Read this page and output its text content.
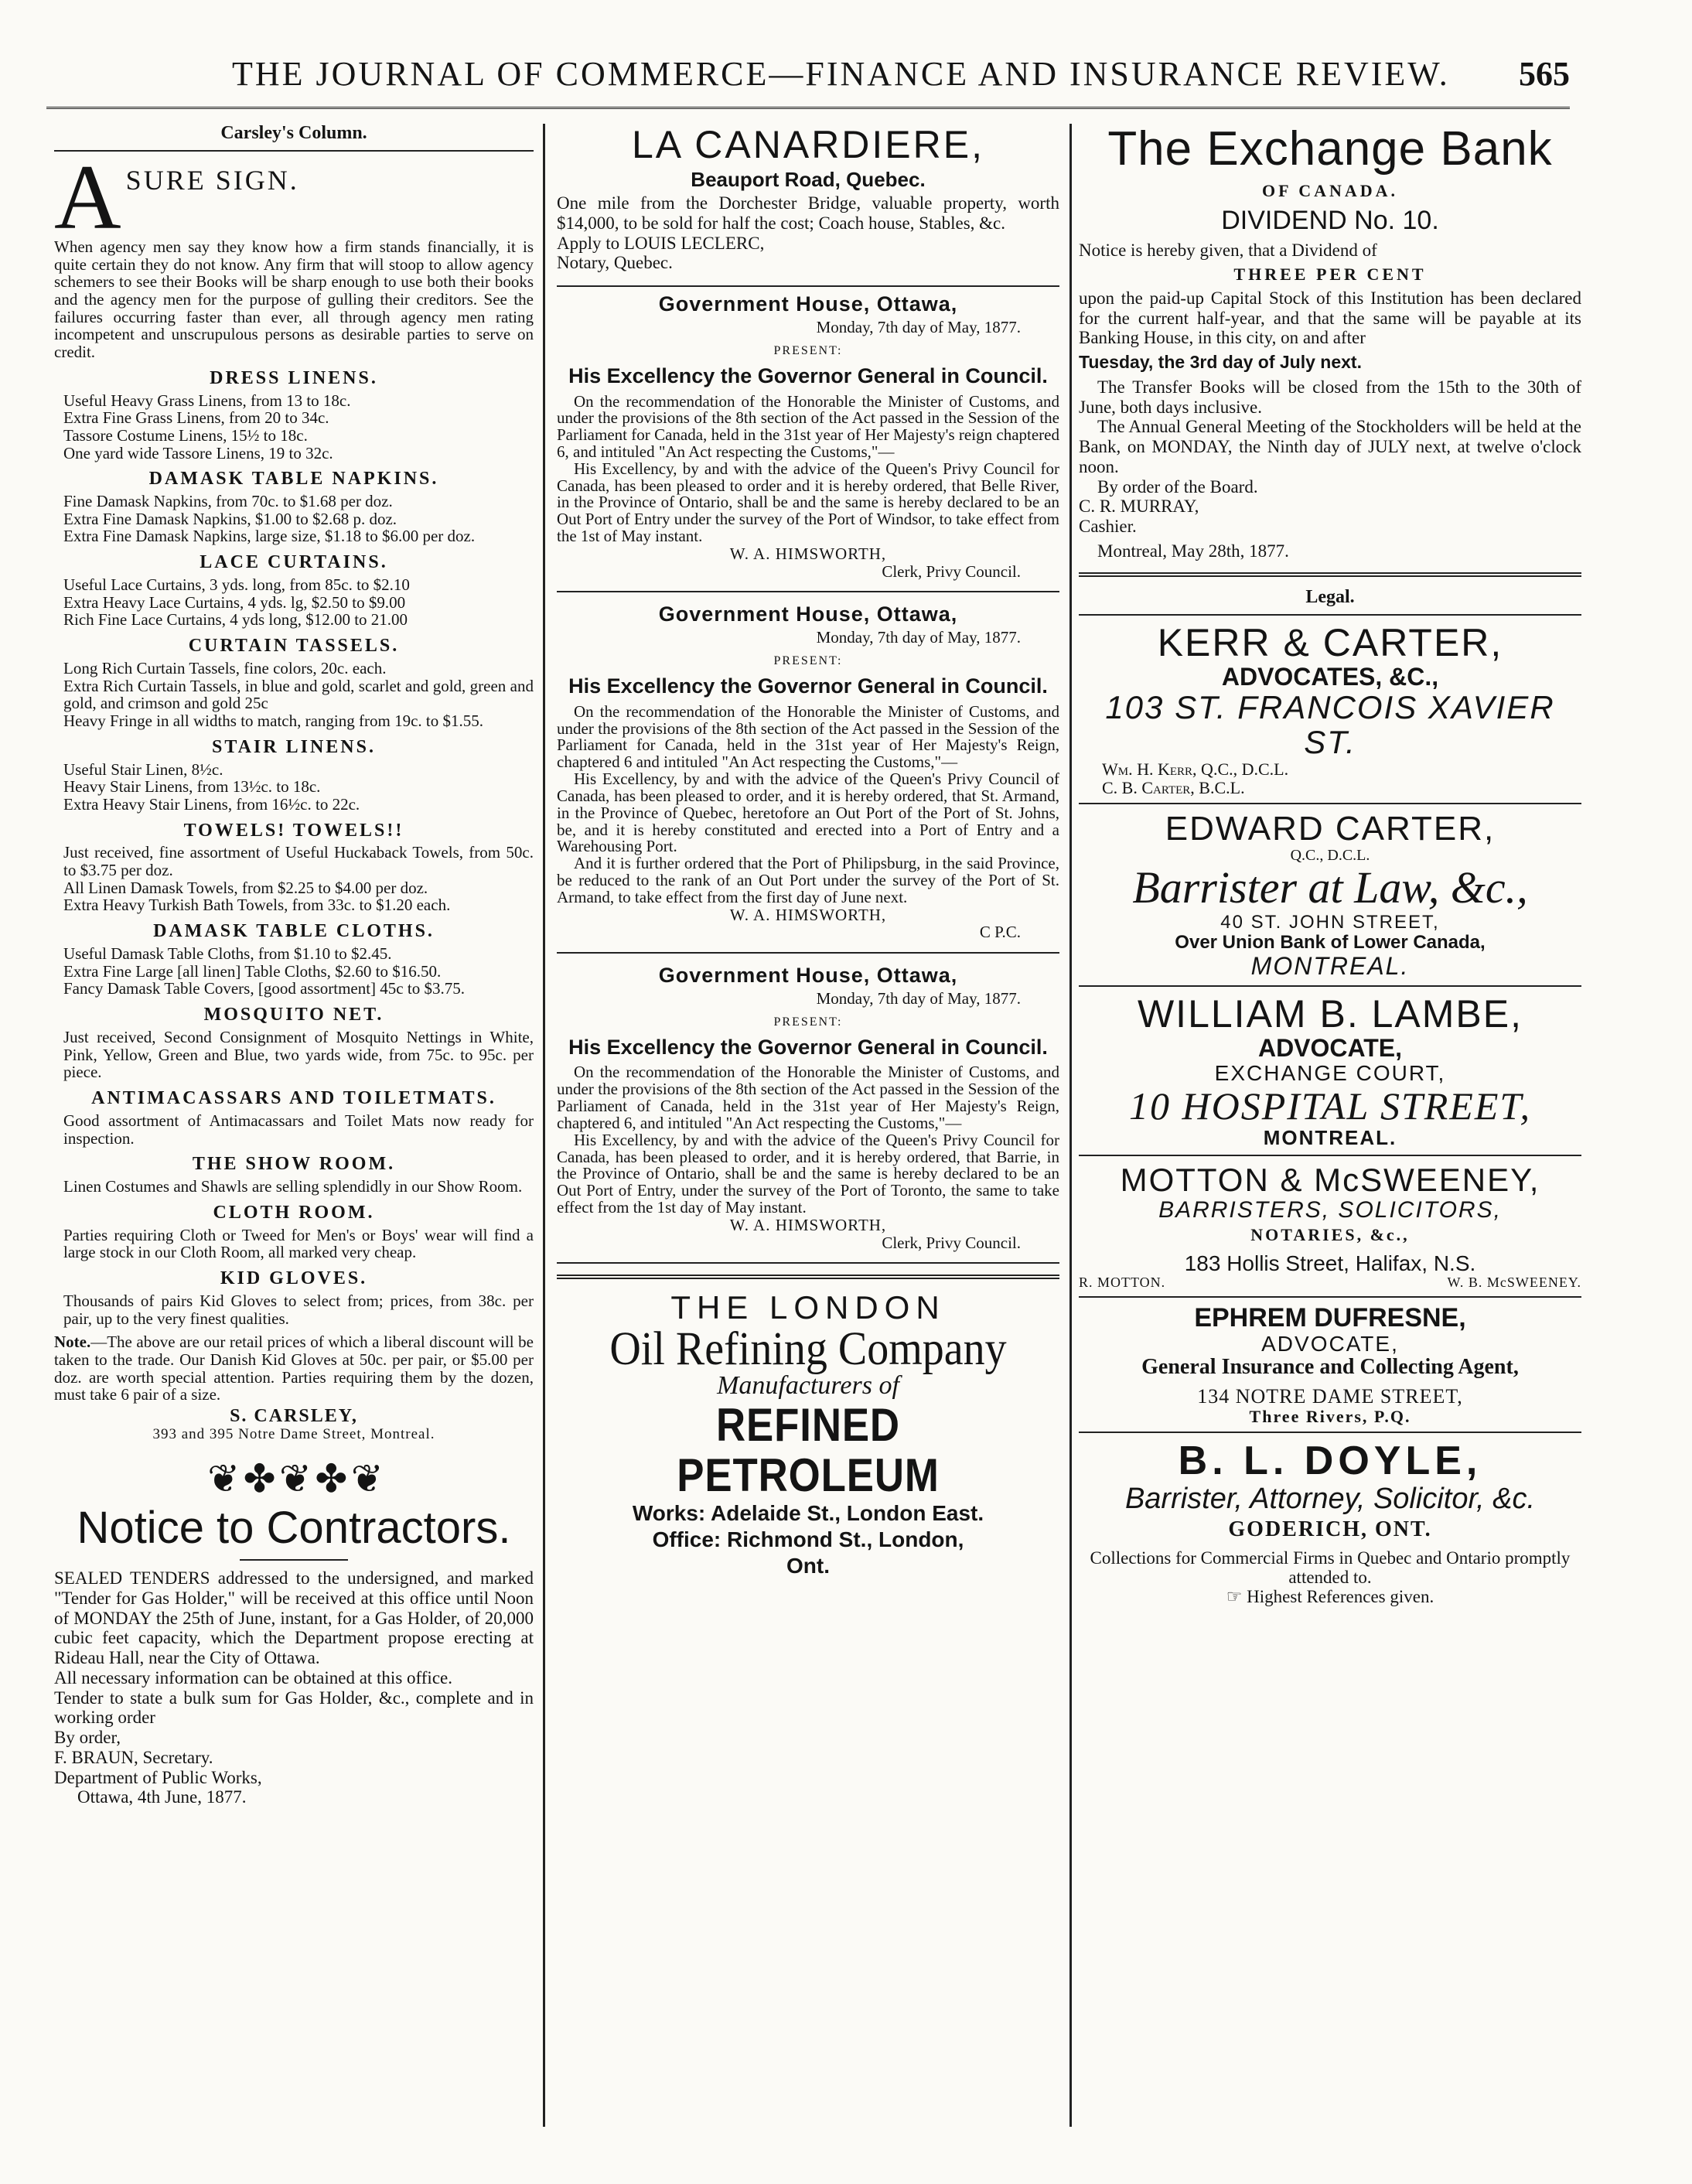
THE JOURNAL OF COMMERCE—FINANCE AND INSURANCE REVIEW. 565
Carsley's Column.
A SURE SIGN.

When agency men say they know how a firm stands financially, it is quite certain they do not know. Any firm that will stoop to allow agency schemers to see their Books will be sharp enough to use both their books and the agency men for the purpose of gulling their creditors. See the failures occurring faster than ever, all through agency men rating incompetent and unscrupulous persons as desirable parties to serve on credit.

DRESS LINENS.

Useful Heavy Grass Linens, from 13 to 18c.

Extra Fine Grass Linens, from 20 to 34c.

Tassore Costume Linens, 15½ to 18c.

One yard wide Tassore Linens, 19 to 32c.

DAMASK TABLE NAPKINS.

Fine Damask Napkins, from 70c. to $1.68 per doz.

Extra Fine Damask Napkins, $1.00 to $2.68 p. doz.

Extra Fine Damask Napkins, large size, $1.18 to $6.00 per doz.

LACE CURTAINS.

Useful Lace Curtains, 3 yds. long, from 85c. to $2.10

Extra Heavy Lace Curtains, 4 yds. lg, $2.50 to $9.00

Rich Fine Lace Curtains, 4 yds long, $12.00 to 21.00

CURTAIN TASSELS.

Long Rich Curtain Tassels, fine colors, 20c. each.

Extra Rich Curtain Tassels, in blue and gold, scarlet and gold, green and gold, and crimson and gold 25c

Heavy Fringe in all widths to match, ranging from 19c. to $1.55.

STAIR LINENS.

Useful Stair Linen, 8½c.

Heavy Stair Linens, from 13½c. to 18c.

Extra Heavy Stair Linens, from 16½c. to 22c.

TOWELS! TOWELS!!

Just received, fine assortment of Useful Huckaback Towels, from 50c. to $3.75 per doz.

All Linen Damask Towels, from $2.25 to $4.00 per doz.

Extra Heavy Turkish Bath Towels, from 33c. to $1.20 each.

DAMASK TABLE CLOTHS.

Useful Damask Table Cloths, from $1.10 to $2.45.

Extra Fine Large [all linen] Table Cloths, $2.60 to $16.50.

Fancy Damask Table Covers, [good assortment] 45c to $3.75.

MOSQUITO NET.

Just received, Second Consignment of Mosquito Nettings in White, Pink, Yellow, Green and Blue, two yards wide, from 75c. to 95c. per piece.

ANTIMACASSARS AND TOILETMATS.

Good assortment of Antimacassars and Toilet Mats now ready for inspection.

THE SHOW ROOM.

Linen Costumes and Shawls are selling splendidly in our Show Room.

CLOTH ROOM.

Parties requiring Cloth or Tweed for Men's or Boys' wear will find a large stock in our Cloth Room, all marked very cheap.

KID GLOVES.

Thousands of pairs Kid Gloves to select from; prices, from 38c. per pair, up to the very finest qualities.

Note.—The above are our retail prices of which a liberal discount will be taken to the trade. Our Danish Kid Gloves at 50c. per pair, or $5.00 per doz. are worth special attention. Parties requiring them by the dozen, must take 6 pair of a size.

S. CARSLEY,
393 and 395 Notre Dame Street, Montreal.
❦ ✤ ❦ ✤ ❦
Notice to Contractors.

SEALED TENDERS addressed to the undersigned, and marked "Tender for Gas Holder," will be received at this office until Noon of MONDAY the 25th of June, instant, for a Gas Holder, of 20,000 cubic feet capacity, which the Department propose erecting at Rideau Hall, near the City of Ottawa.

All necessary information can be obtained at this office.

Tender to state a bulk sum for Gas Holder, &c., complete and in working order

By order,

F. BRAUN, Secretary.

Department of Public Works,

Ottawa, 4th June, 1877.

LA CANARDIERE,
Beauport Road, Quebec.

One mile from the Dorchester Bridge, valuable property, worth $14,000, to be sold for half the cost; Coach house, Stables, &c.

Apply to LOUIS LECLERC,

Notary, Quebec.

Government House, Ottawa,
Monday, 7th day of May, 1877.
PRESENT:
His Excellency the Governor General in Council.
On the recommendation of the Honorable the Minister of Customs, and under the provisions of the 8th section of the Act passed in the Session of the Parliament for Canada, held in the 31st year of Her Majesty's reign chaptered 6, and intituled "An Act respecting the Customs,"—
His Excellency, by and with the advice of the Queen's Privy Council for Canada, has been pleased to order and it is hereby ordered, that Belle River, in the Province of Ontario, shall be and the same is hereby declared to be an Out Port of Entry under the survey of the Port of Windsor, to take effect from the 1st of May instant.
W. A. HIMSWORTH,
Clerk, Privy Council.
Government House, Ottawa,
Monday, 7th day of May, 1877.
PRESENT:
His Excellency the Governor General in Council.
On the recommendation of the Honorable the Minister of Customs, and under the provisions of the 8th section of the Act passed in the Session of the Parliament for Canada, held in the 31st year of Her Majesty's Reign, chaptered 6 and intituled "An Act respecting the Customs,"—
His Excellency, by and with the advice of the Queen's Privy Council of Canada, has been pleased to order, and it is hereby ordered, that St. Armand, in the Province of Quebec, heretofore an Out Port of the Port of St. Johns, be, and it is hereby constituted and erected into a Port of Entry and a Warehousing Port.
And it is further ordered that the Port of Philipsburg, in the said Province, be reduced to the rank of an Out Port under the survey of the Port of St. Armand, to take effect from the first day of June next.
W. A. HIMSWORTH,
C P.C.
Government House, Ottawa,
Monday, 7th day of May, 1877.
PRESENT:
His Excellency the Governor General in Council.
On the recommendation of the Honorable the Minister of Customs, and under the provisions of the 8th section of the Act passed in the Session of the Parliament of Canada, held in the 31st year of Her Majesty's Reign, chaptered 6, and intituled "An Act respecting the Customs,"—
His Excellency, by and with the advice of the Queen's Privy Council for Canada, has been pleased to order, and it is hereby ordered, that Barrie, in the Province of Ontario, shall be and the same is hereby declared to be an Out Port of Entry, under the survey of the Port of Toronto, the same to take effect from the 1st day of May instant.
W. A. HIMSWORTH,
Clerk, Privy Council.
THE LONDON
Oil Refining Company
Manufacturers of
REFINED PETROLEUM
Works: Adelaide St., London East.
Office: Richmond St., London,
Ont.
The Exchange Bank
OF CANADA.
DIVIDEND No. 10.

Notice is hereby given, that a Dividend of

THREE PER CENT

upon the paid-up Capital Stock of this Institution has been declared for the current half-year, and that the same will be payable at its Banking House, in this city, on and after

Tuesday, the 3rd day of July next.

The Transfer Books will be closed from the 15th to the 30th of June, both days inclusive.

The Annual General Meeting of the Stockholders will be held at the Bank, on MONDAY, the Ninth day of JULY next, at twelve o'clock noon.

By order of the Board.

C. R. MURRAY,

Cashier.

Montreal, May 28th, 1877.

Legal.
KERR & CARTER,
ADVOCATES, &C.,
103 ST. FRANCOIS XAVIER ST.
Wm. H. Kerr, Q.C., D.C.L.
C. B. Carter, B.C.L.
EDWARD CARTER,
Q.C., D.C.L.
Barrister at Law, &c.,
40 ST. JOHN STREET,
Over Union Bank of Lower Canada,
MONTREAL.
WILLIAM B. LAMBE,
ADVOCATE,
EXCHANGE COURT,
10 HOSPITAL STREET,
MONTREAL.
MOTTON & McSWEENEY,
BARRISTERS, SOLICITORS,
NOTARIES, &c.,
183 Hollis Street, Halifax, N.S.
R. MOTTON.	W. B. McSWEENEY.
EPHREM DUFRESNE,
ADVOCATE,
General Insurance and Collecting Agent,
134 NOTRE DAME STREET,
Three Rivers, P.Q.
B. L. DOYLE,
Barrister, Attorney, Solicitor, &c.
GODERICH, ONT.

Collections for Commercial Firms in Quebec and Ontario promptly attended to.

☞ Highest References given.
